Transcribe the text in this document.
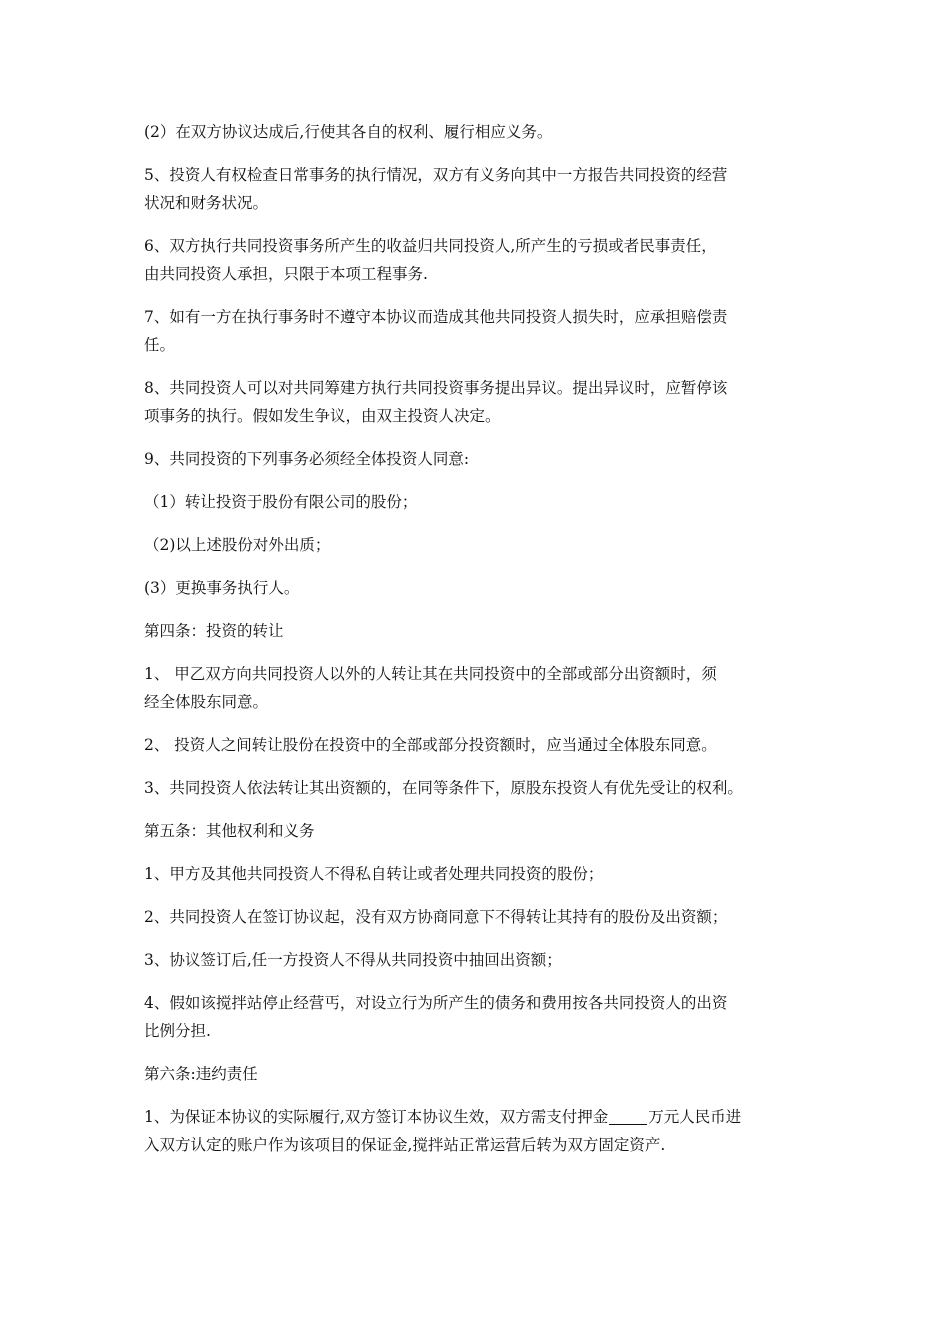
(2）在双方协议达成后,行使其各自的权利、履行相应义务。

5、投资人有权检查日常事务的执行情况，双方有义务向其中一方报告共同投资的经营
状况和财务状况。

6、双方执行共同投资事务所产生的收益归共同投资人,所产生的亏损或者民事责任，
由共同投资人承担，只限于本项工程事务.

7、如有一方在执行事务时不遵守本协议而造成其他共同投资人损失时，应承担赔偿责
任。

8、共同投资人可以对共同筹建方执行共同投资事务提出异议。提出异议时，应暂停该
项事务的执行。假如发生争议，由双主投资人决定。

9、共同投资的下列事务必须经全体投资人同意:

（1）转让投资于股份有限公司的股份；

（2)以上述股份对外出质；

(3）更换事务执行人。

第四条：投资的转让

1、 甲乙双方向共同投资人以外的人转让其在共同投资中的全部或部分出资额时，须
经全体股东同意。

2、 投资人之间转让股份在投资中的全部或部分投资额时，应当通过全体股东同意。

3、共同投资人依法转让其出资额的，在同等条件下，原股东投资人有优先受让的权利。

第五条：其他权利和义务

1、甲方及其他共同投资人不得私自转让或者处理共同投资的股份；

2、共同投资人在签订协议起，没有双方协商同意下不得转让其持有的股份及出资额；

3、协议签订后,任一方投资人不得从共同投资中抽回出资额；

4、假如该搅拌站停止经营丐，对设立行为所产生的债务和费用按各共同投资人的出资
比例分担.

第六条:违约责任

1、为保证本协议的实际履行,双方签订本协议生效，双方需支付押金	万元人民币进
入双方认定的账户作为该项目的保证金,搅拌站正常运营后转为双方固定资产.
